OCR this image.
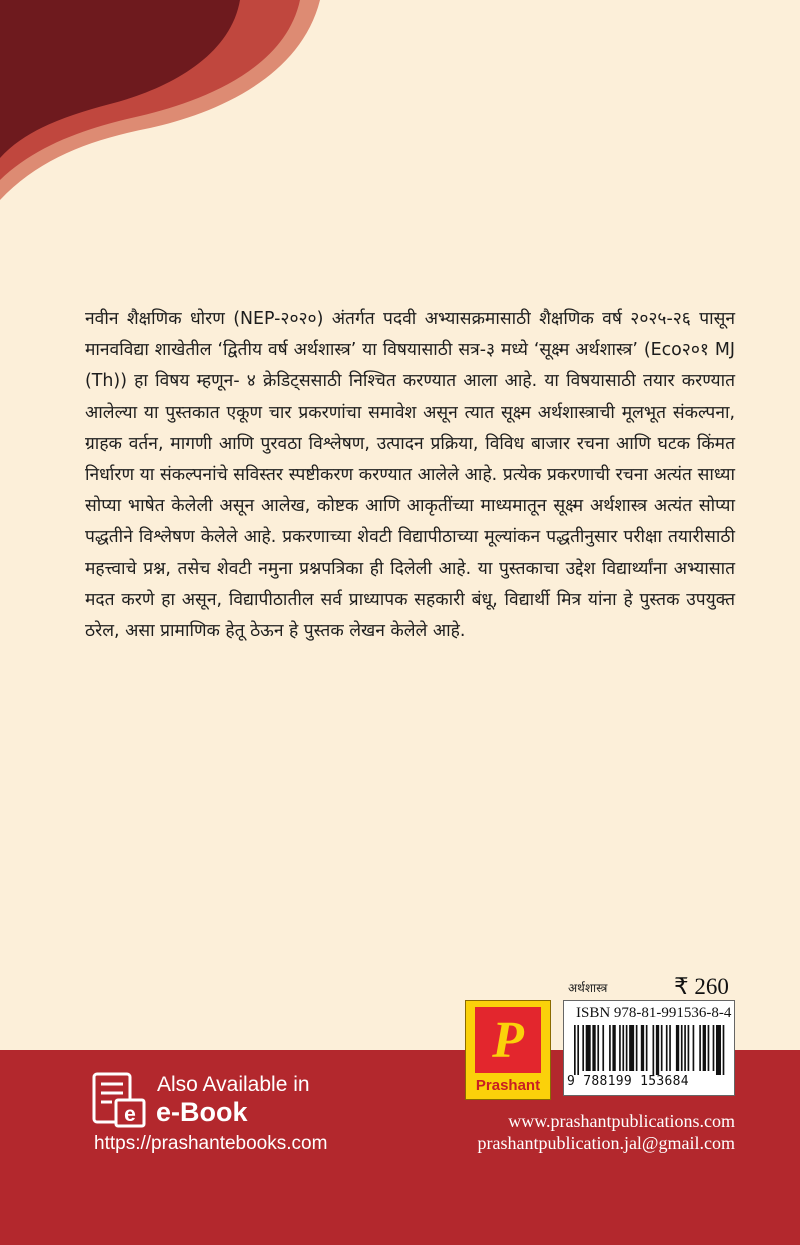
नवीन शैक्षणिक धोरण (NEP-२०२०) अंतर्गत पदवी अभ्यासक्रमासाठी शैक्षणिक वर्ष २०२५-२६ पासून मानवविद्या शाखेतील ‘द्वितीय वर्ष अर्थशास्त्र’ या विषयासाठी सत्र-३ मध्ये ‘सूक्ष्म अर्थशास्त्र’ (Eco२०१ MJ (Th)) हा विषय म्हणून- ४ क्रेडिट्ससाठी निश्चित करण्यात आला आहे. या विषयासाठी तयार करण्यात आलेल्या या पुस्तकात एकूण चार प्रकरणांचा समावेश असून त्यात सूक्ष्म अर्थशास्त्राची मूलभूत संकल्पना, ग्राहक वर्तन, मागणी आणि पुरवठा विश्लेषण, उत्पादन प्रक्रिया, विविध बाजार रचना आणि घटक किंमत निर्धारण या संकल्पनांचे सविस्तर स्पष्टीकरण करण्यात आलेले आहे. प्रत्येक प्रकरणाची रचना अत्यंत साध्या सोप्या भाषेत केलेली असून आलेख, कोष्टक आणि आकृतींच्या माध्यमातून सूक्ष्म अर्थशास्त्र अत्यंत सोप्या पद्धतीने विश्लेषण केलेले आहे. प्रकरणाच्या शेवटी विद्यापीठाच्या मूल्यांकन पद्धतीनुसार परीक्षा तयारीसाठी महत्त्वाचे प्रश्न, तसेच शेवटी नमुना प्रश्नपत्रिका ही दिलेली आहे. या पुस्तकाचा उद्देश विद्यार्थ्यांना अभ्यासात मदत करणे हा असून, विद्यापीठातील सर्व प्राध्यापक सहकारी बंधू, विद्यार्थी मित्र यांना हे पुस्तक उपयुक्त ठरेल, असा प्रामाणिक हेतू ठेऊन हे पुस्तक लेखन केलेले आहे.

अर्थशास्त्र	₹ 260
P
Prashant
ISBN 978-81-991536-8-4
9 788199 153684
e
Also Available in
e-Book
https://prashantebooks.com
www.prashantpublications.com
prashantpublication.jal@gmail.com
